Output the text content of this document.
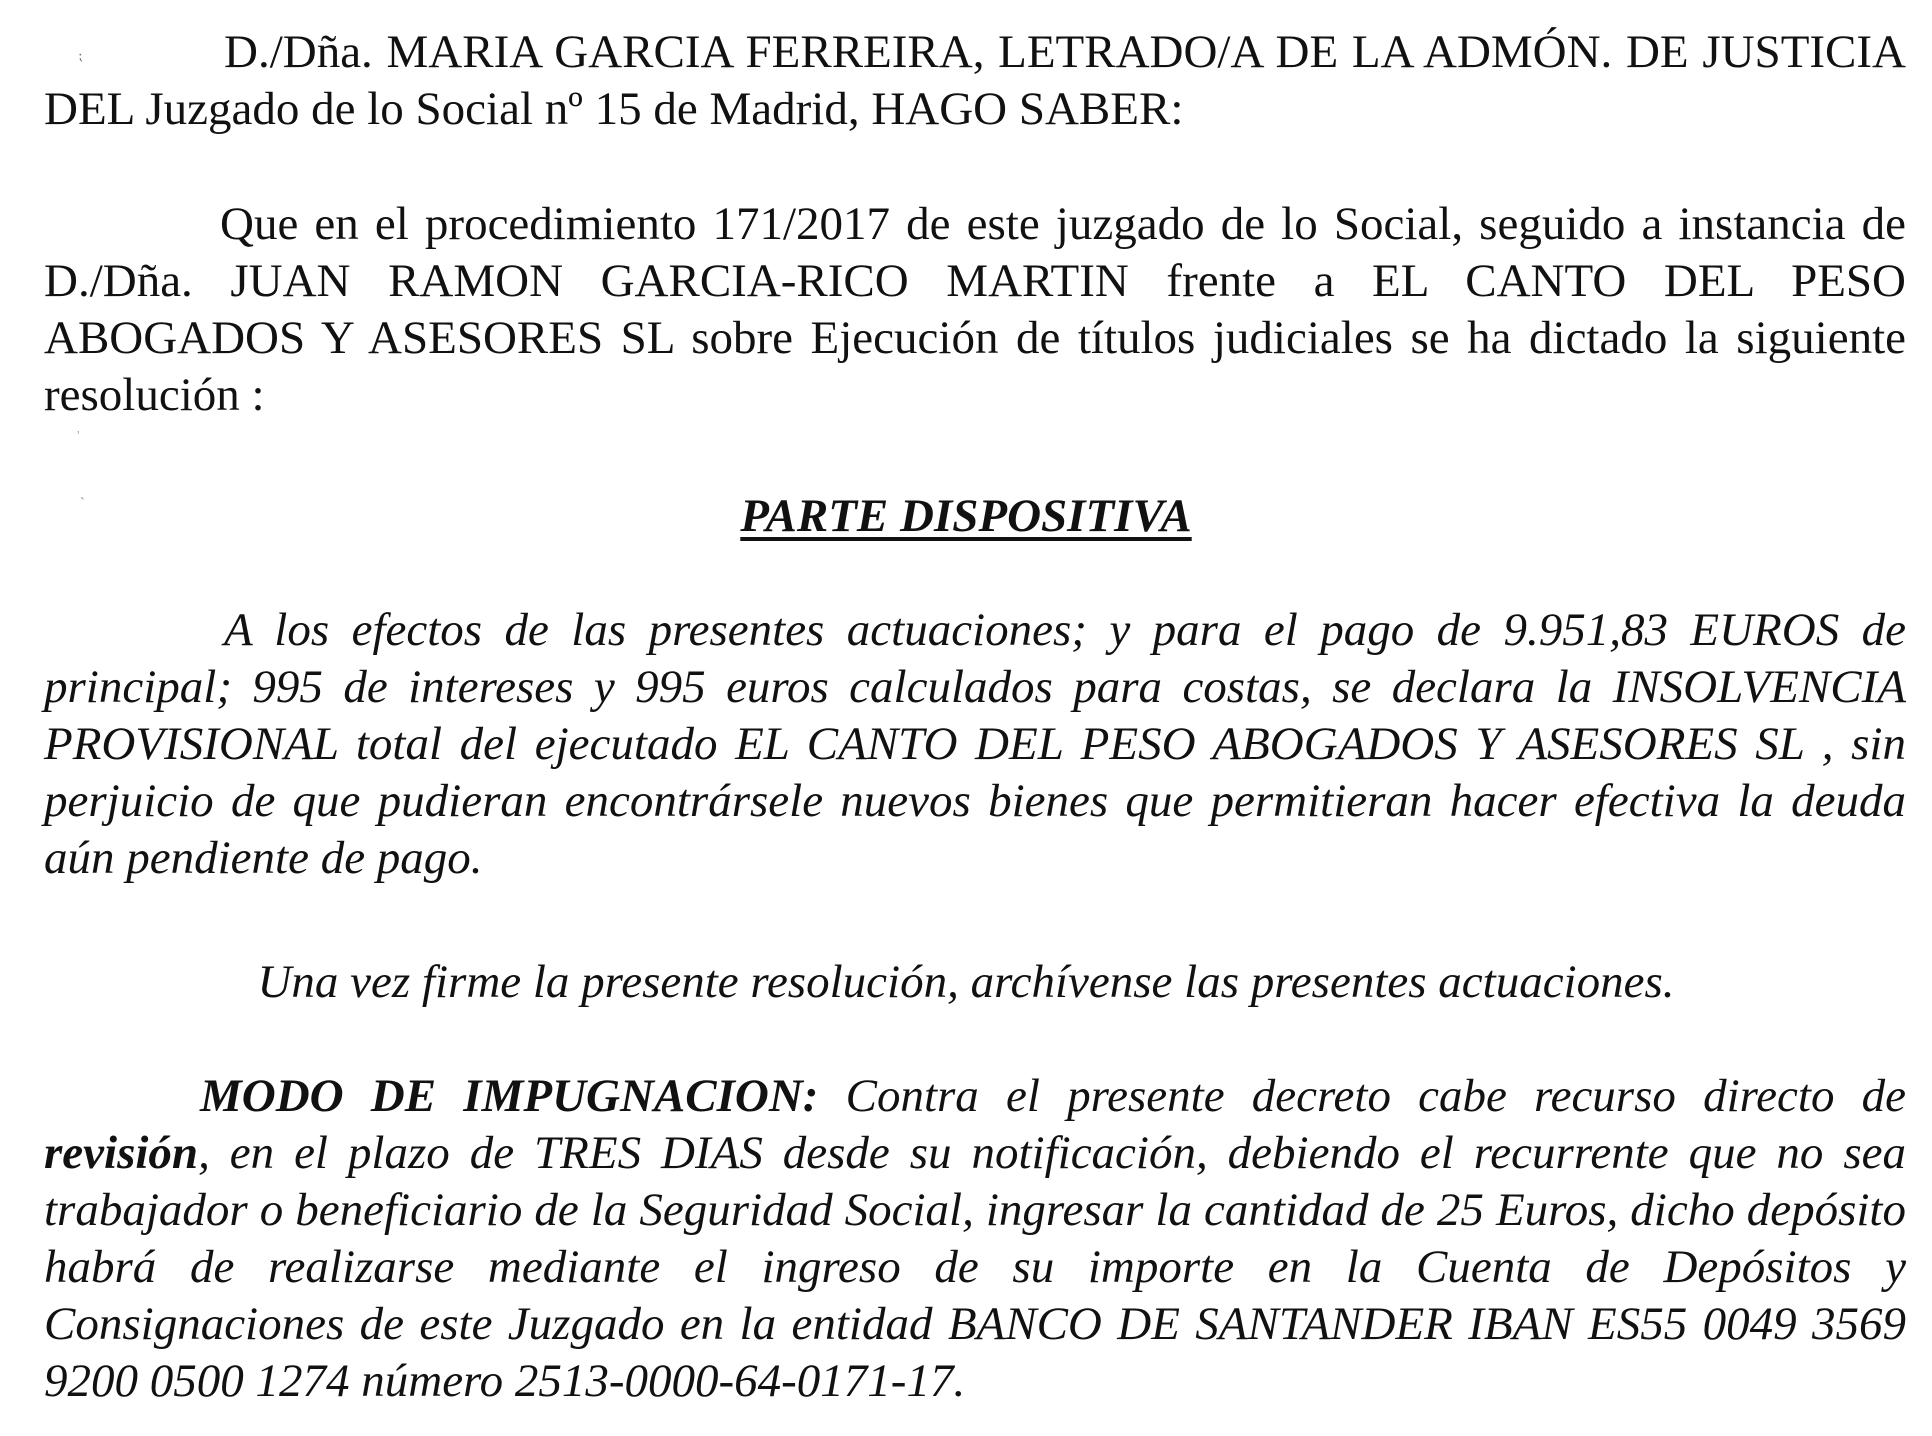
⁏
ʾ
ˋ

D./Dña. MARIA GARCIA FERREIRA, LETRADO/A DE LA ADMÓN. DE JUSTICIA DEL Juzgado de lo Social nº 15 de Madrid, HAGO SABER:

Que en el procedimiento 171/2017 de este juzgado de lo Social, seguido a instancia de D./Dña. JUAN RAMON GARCIA-RICO MARTIN frente a EL CANTO DEL PESO ABOGADOS Y ASESORES SL sobre Ejecución de títulos judiciales se ha dictado la siguiente resolución :

PARTE DISPOSITIVA

A los efectos de las presentes actuaciones; y para el pago de 9.951,83 EUROS de principal; 995 de intereses y 995 euros calculados para costas, se declara la INSOLVENCIA PROVISIONAL total del ejecutado EL CANTO DEL PESO ABOGADOS Y ASESORES SL , sin perjuicio de que pudieran encontrársele nuevos bienes que permitieran hacer efectiva la deuda aún pendiente de pago.

Una vez firme la presente resolución, archívense las presentes actuaciones.

MODO DE IMPUGNACION: Contra el presente decreto cabe recurso directo de revisión, en el plazo de TRES DIAS desde su notificación, debiendo el recurrente que no sea trabajador o beneficiario de la Seguridad Social, ingresar la cantidad de 25 Euros, dicho depósito habrá de realizarse mediante el ingreso de su importe en la Cuenta de Depósitos y Consignaciones de este Juzgado en la entidad BANCO DE SANTANDER IBAN ES55 0049 3569 9200 0500 1274 número 2513-0000-64-0171-17.
